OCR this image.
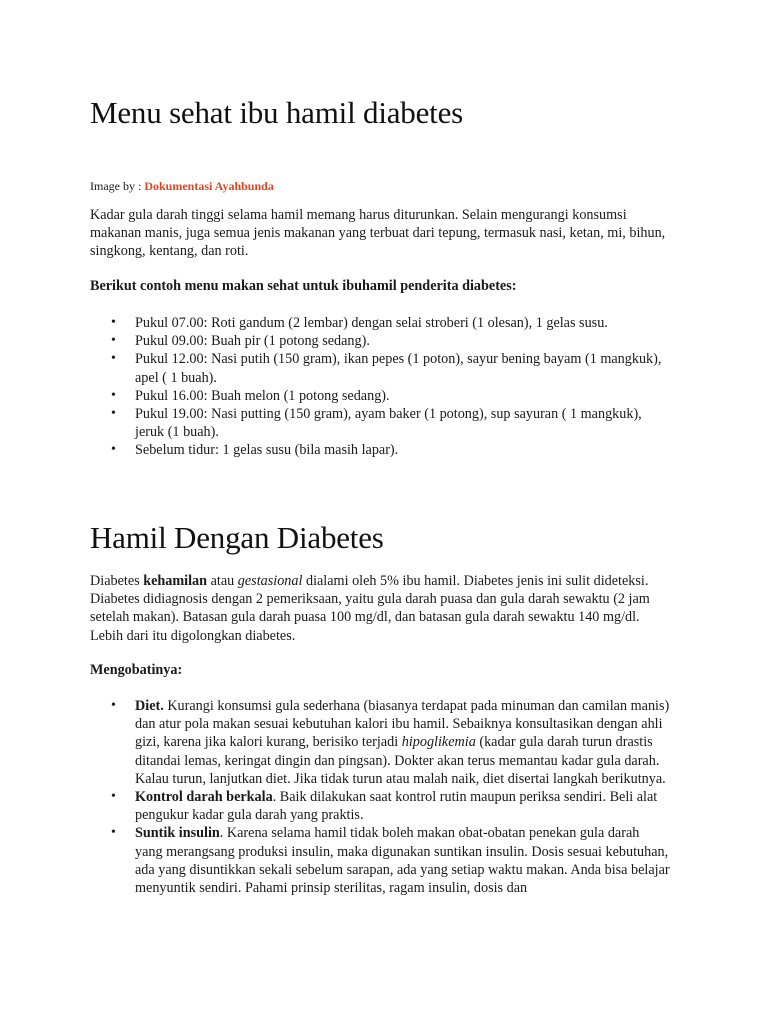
Menu sehat ibu hamil diabetes
Image by : Dokumentasi Ayahbunda
Kadar gula darah tinggi selama hamil memang harus diturunkan. Selain mengurangi konsumsi makanan manis, juga semua jenis makanan yang terbuat dari tepung, termasuk nasi, ketan, mi, bihun, singkong, kentang, dan roti.
Berikut contoh menu makan sehat untuk ibuhamil penderita diabetes:
• Pukul 07.00: Roti gandum (2 lembar) dengan selai stroberi (1 olesan), 1 gelas susu.
• Pukul 09.00: Buah pir (1 potong sedang).
• Pukul 12.00: Nasi putih (150 gram), ikan pepes (1 poton), sayur bening bayam (1 mangkuk), apel ( 1 buah).
• Pukul 16.00: Buah melon (1 potong sedang).
• Pukul 19.00: Nasi putting (150 gram), ayam baker (1 potong), sup sayuran ( 1 mangkuk), jeruk (1 buah).
• Sebelum tidur: 1 gelas susu (bila masih lapar).
Hamil Dengan Diabetes
Diabetes kehamilan atau gestasional dialami oleh 5% ibu hamil. Diabetes jenis ini sulit dideteksi. Diabetes didiagnosis dengan 2 pemeriksaan, yaitu gula darah puasa dan gula darah sewaktu (2 jam setelah makan). Batasan gula darah puasa 100 mg/dl, dan batasan gula darah sewaktu 140 mg/dl. Lebih dari itu digolongkan diabetes.
Mengobatinya:
• Diet. Kurangi konsumsi gula sederhana (biasanya terdapat pada minuman dan camilan manis) dan atur pola makan sesuai kebutuhan kalori ibu hamil. Sebaiknya konsultasikan dengan ahli gizi, karena jika kalori kurang, berisiko terjadi hipoglikemia (kadar gula darah turun drastis ditandai lemas, keringat dingin dan pingsan). Dokter akan terus memantau kadar gula darah. Kalau turun, lanjutkan diet. Jika tidak turun atau malah naik, diet disertai langkah berikutnya.
• Kontrol darah berkala. Baik dilakukan saat kontrol rutin maupun periksa sendiri. Beli alat pengukur kadar gula darah yang praktis.
• Suntik insulin. Karena selama hamil tidak boleh makan obat-obatan penekan gula darah yang merangsang produksi insulin, maka digunakan suntikan insulin. Dosis sesuai kebutuhan, ada yang disuntikkan sekali sebelum sarapan, ada yang setiap waktu makan. Anda bisa belajar menyuntik sendiri. Pahami prinsip sterilitas, ragam insulin, dosis dan
